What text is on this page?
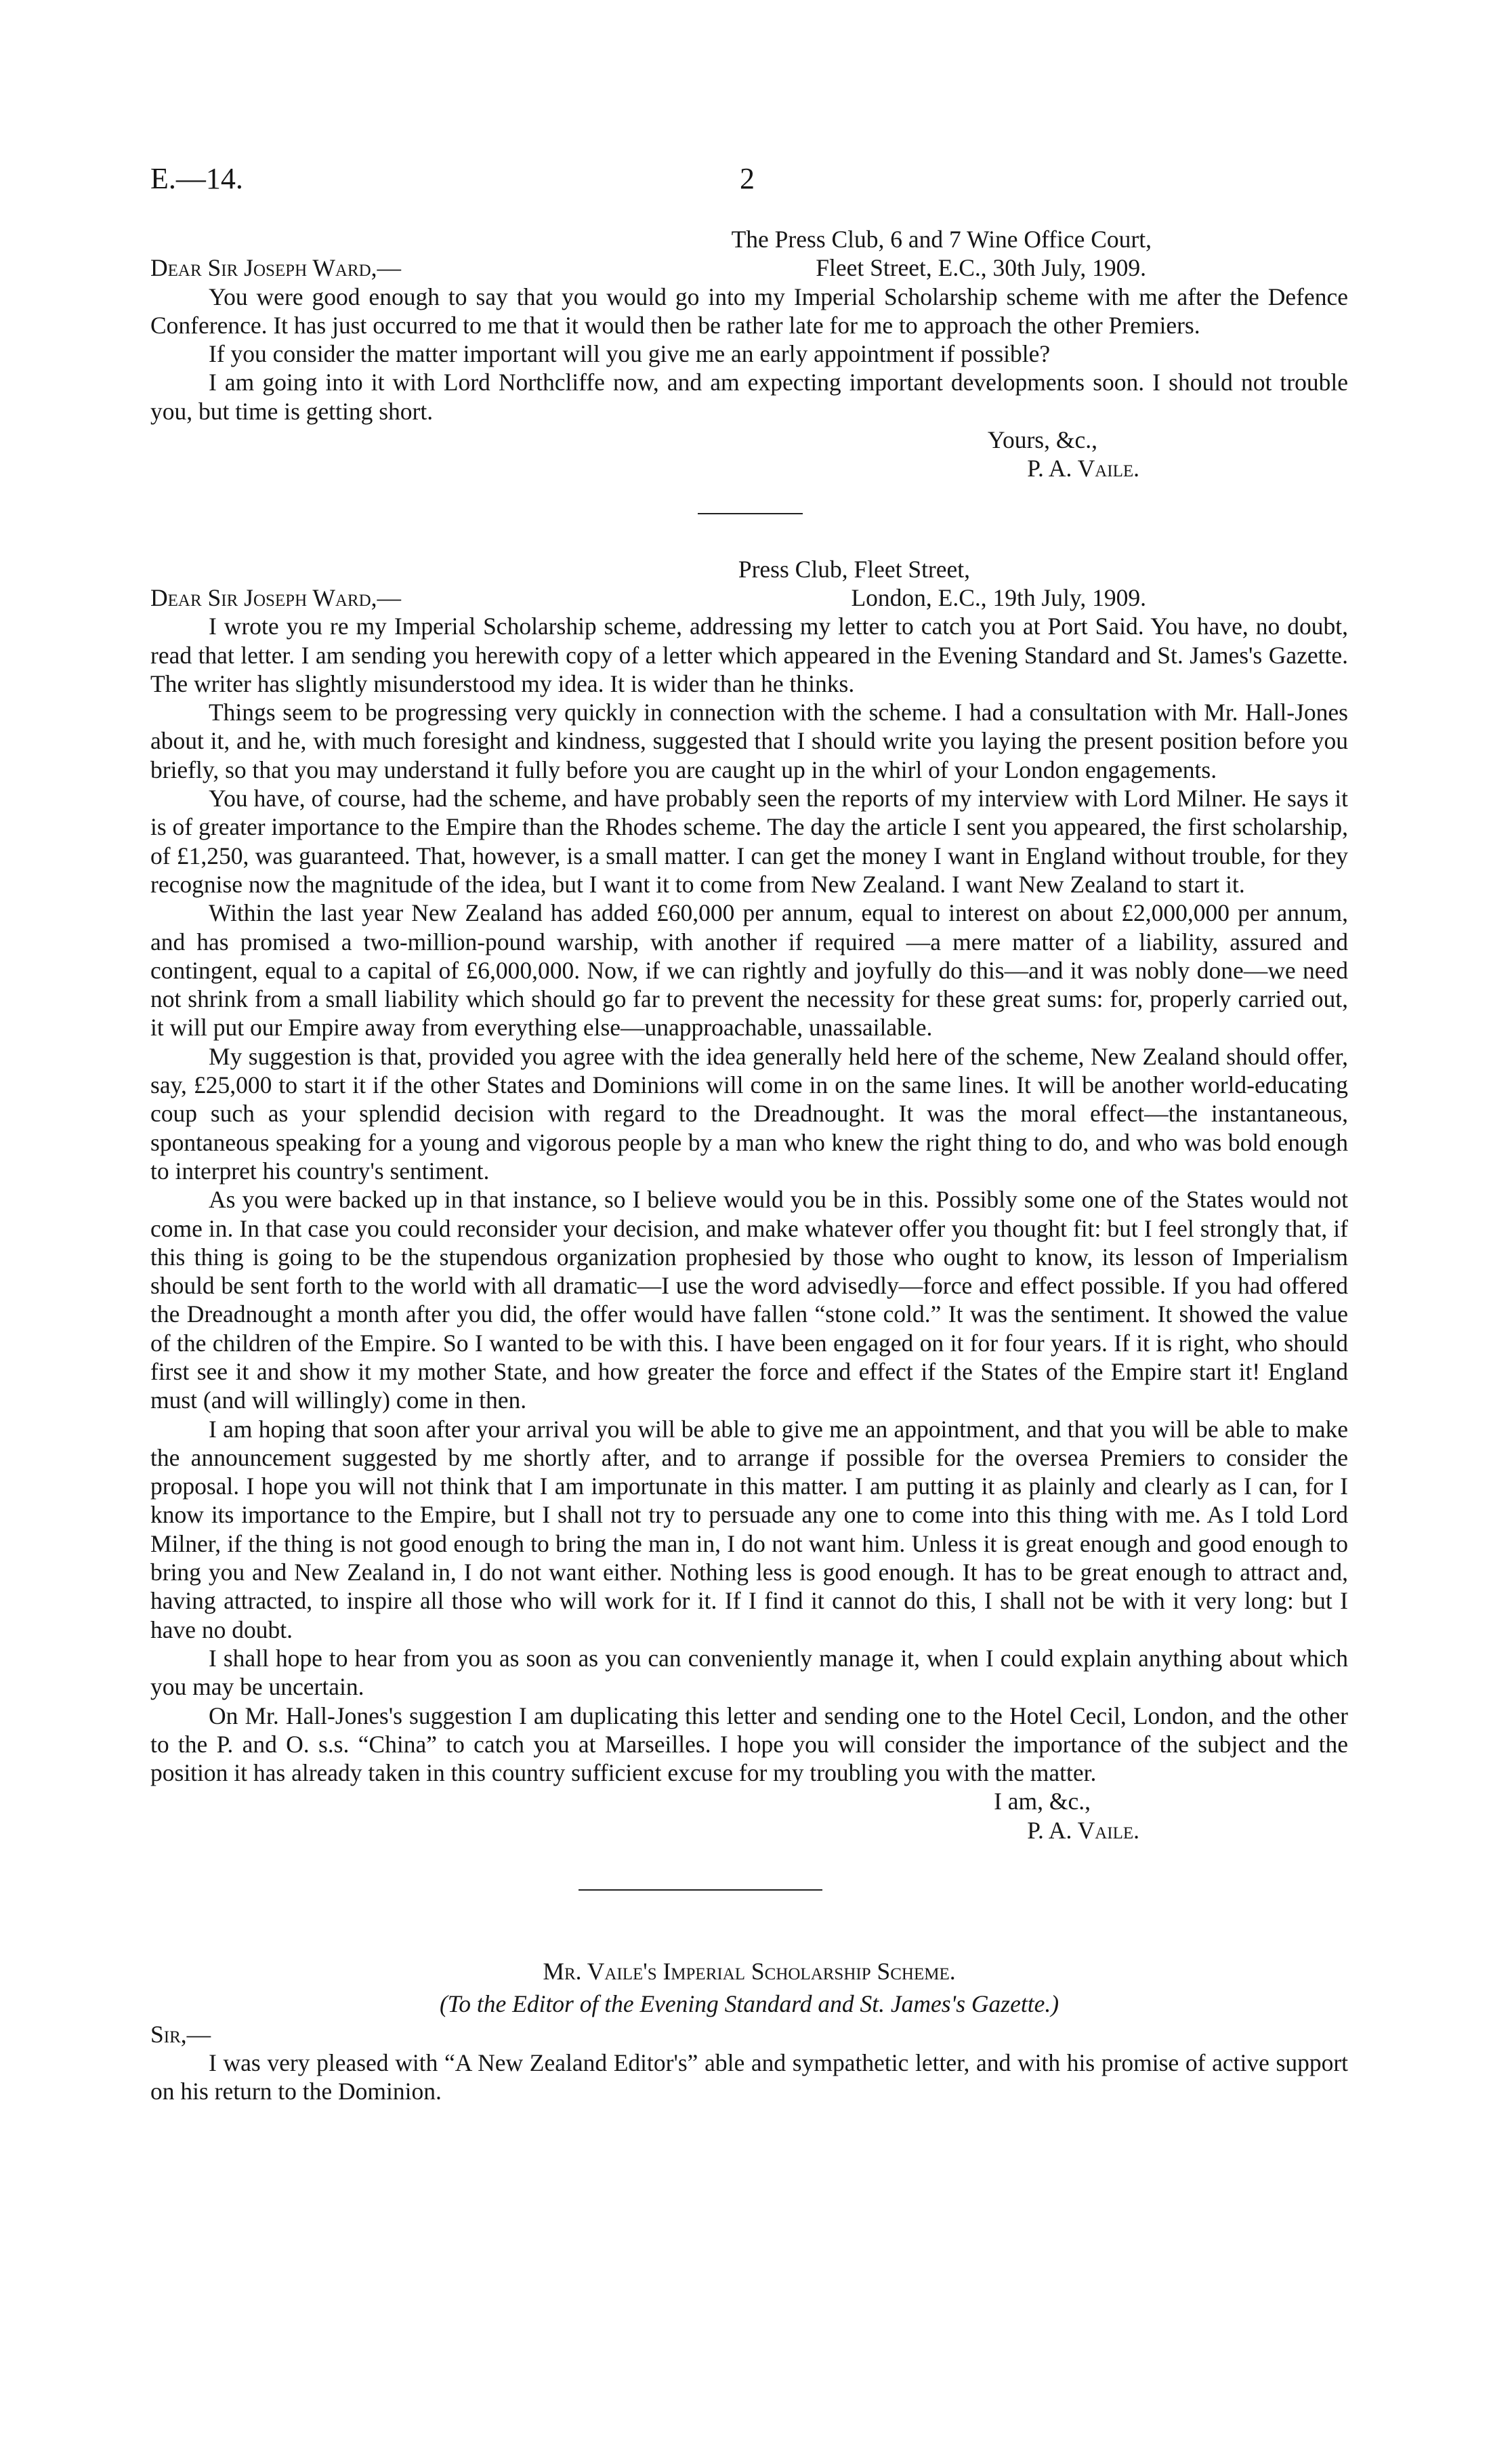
E.—14.	2
The Press Club, 6 and 7 Wine Office Court,
Dear Sir Joseph Ward,—	Fleet Street, E.C., 30th July, 1909.

You were good enough to say that you would go into my Imperial Scholarship scheme with me after the Defence Conference. It has just occurred to me that it would then be rather late for me to approach the other Premiers.

If you consider the matter important will you give me an early appointment if possible?

I am going into it with Lord Northcliffe now, and am expecting important developments soon. I should not trouble you, but time is getting short.

Yours, &c.,

P. A. Vaile.

Press Club, Fleet Street,
Dear Sir Joseph Ward,—	London, E.C., 19th July, 1909.

I wrote you re my Imperial Scholarship scheme, addressing my letter to catch you at Port Said. You have, no doubt, read that letter. I am sending you herewith copy of a letter which appeared in the Evening Standard and St. James's Gazette. The writer has slightly misunderstood my idea. It is wider than he thinks.

Things seem to be progressing very quickly in connection with the scheme. I had a consultation with Mr. Hall-Jones about it, and he, with much foresight and kindness, suggested that I should write you laying the present position before you briefly, so that you may understand it fully before you are caught up in the whirl of your London engagements.

You have, of course, had the scheme, and have probably seen the reports of my interview with Lord Milner. He says it is of greater importance to the Empire than the Rhodes scheme. The day the article I sent you appeared, the first scholarship, of £1,250, was guaranteed. That, however, is a small matter. I can get the money I want in England without trouble, for they recognise now the magnitude of the idea, but I want it to come from New Zealand. I want New Zealand to start it.

Within the last year New Zealand has added £60,000 per annum, equal to interest on about £2,000,000 per annum, and has promised a two-million-pound warship, with another if required —a mere matter of a liability, assured and contingent, equal to a capital of £6,000,000. Now, if we can rightly and joyfully do this—and it was nobly done—we need not shrink from a small liability which should go far to prevent the necessity for these great sums: for, properly carried out, it will put our Empire away from everything else—unapproachable, unassailable.

My suggestion is that, provided you agree with the idea generally held here of the scheme, New Zealand should offer, say, £25,000 to start it if the other States and Dominions will come in on the same lines. It will be another world-educating coup such as your splendid decision with regard to the Dreadnought. It was the moral effect—the instantaneous, spontaneous speaking for a young and vigorous people by a man who knew the right thing to do, and who was bold enough to interpret his country's sentiment.

As you were backed up in that instance, so I believe would you be in this. Possibly some one of the States would not come in. In that case you could reconsider your decision, and make whatever offer you thought fit: but I feel strongly that, if this thing is going to be the stupendous organization prophesied by those who ought to know, its lesson of Imperialism should be sent forth to the world with all dramatic—I use the word advisedly—force and effect possible. If you had offered the Dreadnought a month after you did, the offer would have fallen “stone cold.” It was the sentiment. It showed the value of the children of the Empire. So I wanted to be with this. I have been engaged on it for four years. If it is right, who should first see it and show it my mother State, and how greater the force and effect if the States of the Empire start it! England must (and will willingly) come in then.

I am hoping that soon after your arrival you will be able to give me an appointment, and that you will be able to make the announcement suggested by me shortly after, and to arrange if possible for the oversea Premiers to consider the proposal. I hope you will not think that I am importunate in this matter. I am putting it as plainly and clearly as I can, for I know its importance to the Empire, but I shall not try to persuade any one to come into this thing with me. As I told Lord Milner, if the thing is not good enough to bring the man in, I do not want him. Unless it is great enough and good enough to bring you and New Zealand in, I do not want either. Nothing less is good enough. It has to be great enough to attract and, having attracted, to inspire all those who will work for it. If I find it cannot do this, I shall not be with it very long: but I have no doubt.

I shall hope to hear from you as soon as you can conveniently manage it, when I could explain anything about which you may be uncertain.

On Mr. Hall-Jones's suggestion I am duplicating this letter and sending one to the Hotel Cecil, London, and the other to the P. and O. s.s. “China” to catch you at Marseilles. I hope you will consider the importance of the subject and the position it has already taken in this country sufficient excuse for my troubling you with the matter.

I am, &c.,

P. A. Vaile.

Mr. Vaile's Imperial Scholarship Scheme.
(To the Editor of the Evening Standard and St. James's Gazette.)
Sir,—

I was very pleased with “A New Zealand Editor's” able and sympathetic letter, and with his promise of active support on his return to the Dominion.
